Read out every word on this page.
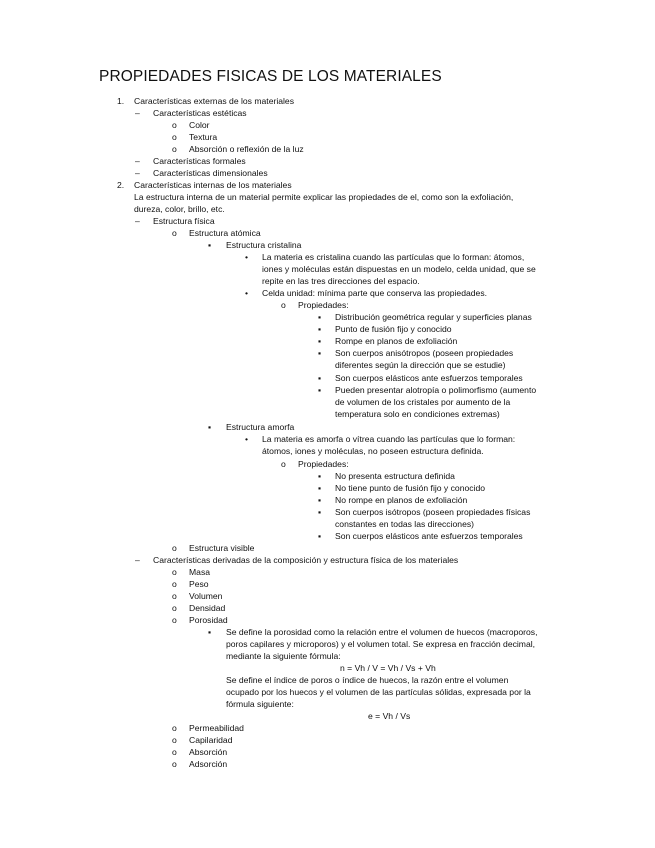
PROPIEDADES FISICAS DE LOS MATERIALES
1. Características externas de los materiales

– Características estéticas

o Color

o Textura

o Absorción o reflexión de la luz

– Características formales

– Características dimensionales

2. Características internas de los materiales

La estructura interna de un material permite explicar las propiedades de el, como son la exfoliación,

dureza, color, brillo, etc.

– Estructura física

o Estructura atómica

▪ Estructura cristalina

• La materia es cristalina cuando las partículas que lo forman: átomos,

iones y moléculas están dispuestas en un modelo, celda unidad, que se

repite en las tres direcciones del espacio.

• Celda unidad: mínima parte que conserva las propiedades.

o Propiedades:

▪ Distribución geométrica regular y superficies planas

▪ Punto de fusión fijo y conocido

▪ Rompe en planos de exfoliación

▪ Son cuerpos anisótropos (poseen propiedades

diferentes según la dirección que se estudie)

▪ Son cuerpos elásticos ante esfuerzos temporales

▪ Pueden presentar alotropía o polimorfismo (aumento

de volumen de los cristales por aumento de la

temperatura solo en condiciones extremas)

▪ Estructura amorfa

• La materia es amorfa o vítrea cuando las partículas que lo forman:

átomos, iones y moléculas, no poseen estructura definida.

o Propiedades:

▪ No presenta estructura definida

▪ No tiene punto de fusión fijo y conocido

▪ No rompe en planos de exfoliación

▪ Son cuerpos isótropos (poseen propiedades físicas

constantes en todas las direcciones)

▪ Son cuerpos elásticos ante esfuerzos temporales

o Estructura visible

– Características derivadas de la composición y estructura física de los materiales

o Masa

o Peso

o Volumen

o Densidad

o Porosidad

▪ Se define la porosidad como la relación entre el volumen de huecos (macroporos,

poros capilares y microporos) y el volumen total. Se expresa en fracción decimal,

mediante la siguiente fórmula:

n = Vh / V = Vh / Vs + Vh

Se define el índice de poros o índice de huecos, la razón entre el volumen

ocupado por los huecos y el volumen de las partículas sólidas, expresada por la

fórmula siguiente:

e = Vh / Vs

o Permeabilidad

o Capilaridad

o Absorción

o Adsorción
